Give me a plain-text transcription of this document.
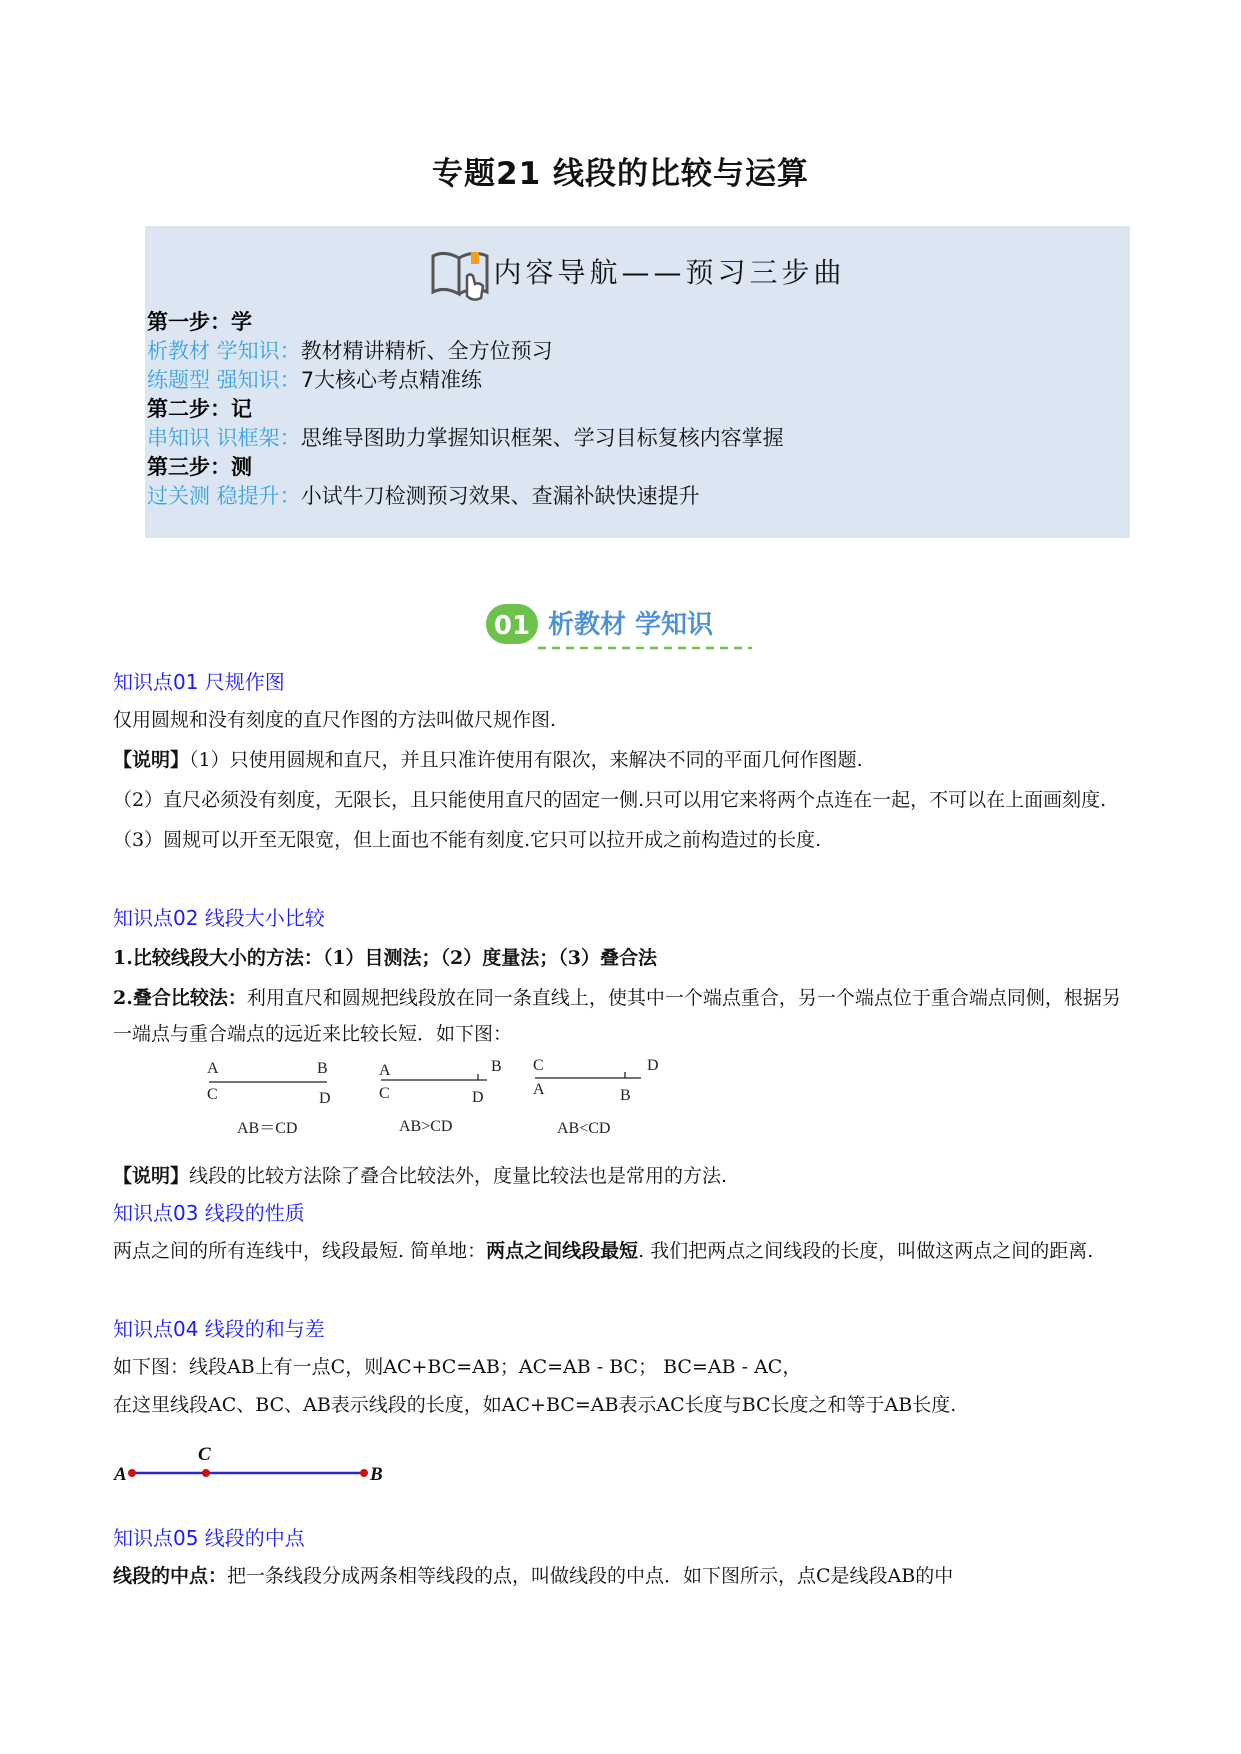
专题21 线段的比较与运算
内容导航——预习三步曲
第一步：学
析教材 学知识：教材精讲精析、全方位预习
练题型 强知识：7大核心考点精准练
第二步：记
串知识 识框架：思维导图助力掌握知识框架、学习目标复核内容掌握
第三步：测
过关测 稳提升：小试牛刀检测预习效果、查漏补缺快速提升
01 析教材 学知识
知识点01 尺规作图
仅用圆规和没有刻度的直尺作图的方法叫做尺规作图.
【说明】（1）只使用圆规和直尺，并且只准许使用有限次，来解决不同的平面几何作图题.
（2）直尺必须没有刻度，无限长，且只能使用直尺的固定一侧.只可以用它来将两个点连在一起，不可以在上面画刻度.
（3）圆规可以开至无限宽，但上面也不能有刻度.它只可以拉开成之前构造过的长度.
知识点02 线段大小比较
1.比较线段大小的方法：（1）目测法；（2）度量法；（3）叠合法
2.叠合比较法：利用直尺和圆规把线段放在同一条直线上，使其中一个端点重合，另一个端点位于重合端点同侧，根据另一端点与重合端点的远近来比较长短．如下图：
A	B
C	D
AB＝CD
A	B
C	D
AB>CD
C	D
A	B
AB<CD
【说明】线段的比较方法除了叠合比较法外，度量比较法也是常用的方法.
知识点03 线段的性质
两点之间的所有连线中，线段最短. 简单地：两点之间线段最短. 我们把两点之间线段的长度，叫做这两点之间的距离.
知识点04 线段的和与差
如下图：线段AB上有一点C，则AC+BC=AB；AC=AB - BC； BC=AB - AC，
在这里线段AC、BC、AB表示线段的长度，如AC+BC=AB表示AC长度与BC长度之和等于AB长度.
A
C
B
知识点05 线段的中点
线段的中点：把一条线段分成两条相等线段的点，叫做线段的中点．如下图所示，点C是线段AB的中
